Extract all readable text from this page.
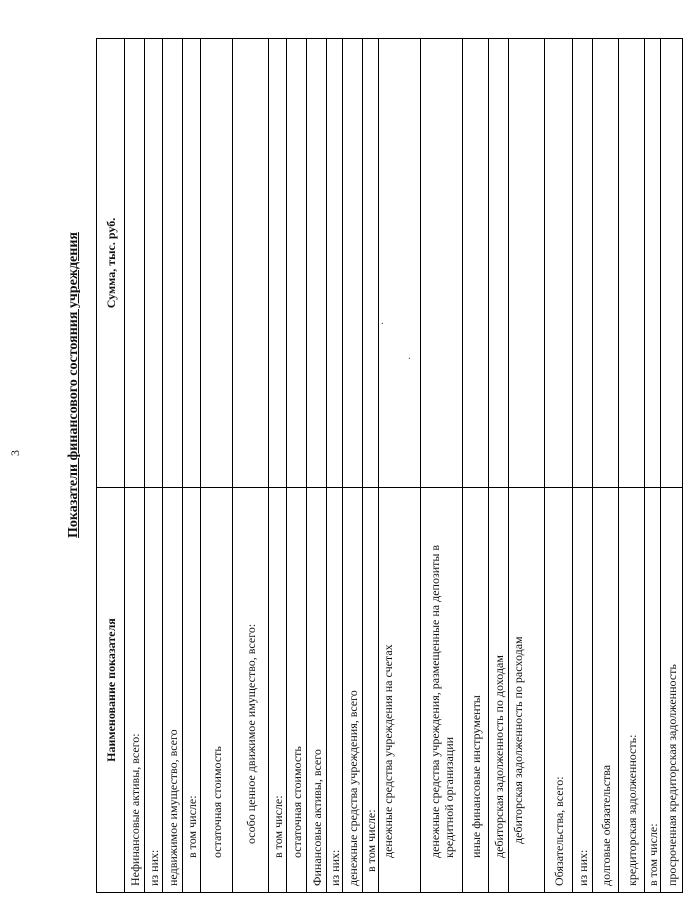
3	Показатели финансового состояния учреждения
Наименование показателя	Сумма, тыс. руб.
Нефинансовые активы, всего:	
из них:	
недвижимое имущество, всего	
в том числе:	
остаточная стоимость	
особо ценное движимое имущество, всего:	
в том числе:	
остаточная стоимость	
Финансовые активы, всего	
из них:	
денежные средства учреждения, всего	
в том числе:	
денежные средства учреждения на счетах	
денежные средства учреждения, размещенные на депозиты в кредитной организации	
иные финансовые инструменты	
дебиторская задолженность по доходам	
дебиторская задолженность по расходам	
Обязательства, всего:	
из них:	
долговые обязательства	
кредиторская задолженность:	
в том числе:	
просроченная кредиторская задолженность	
·
·
